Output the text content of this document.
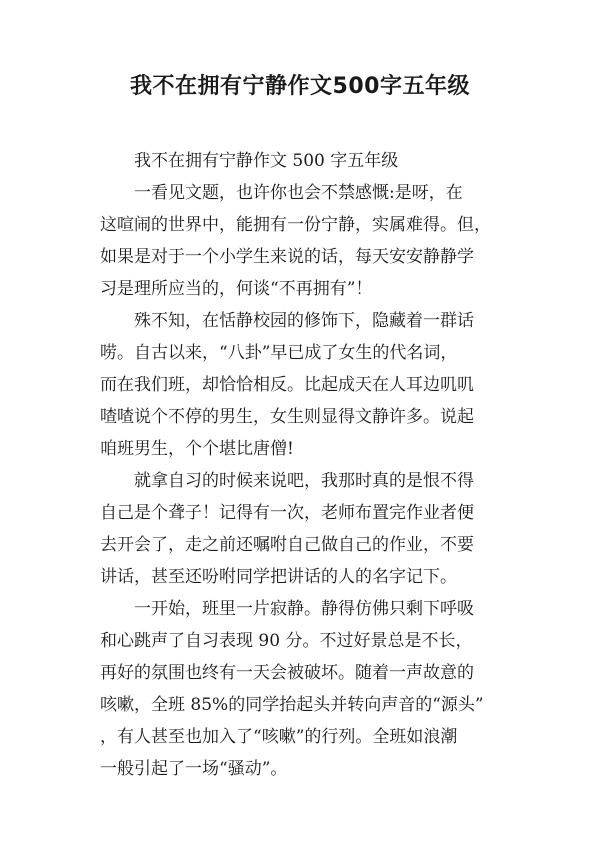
我不在拥有宁静作文500字五年级
我不在拥有宁静作文 500 字五年级
一看见文题，也许你也会不禁感慨:是呀，在
这喧闹的世界中，能拥有一份宁静，实属难得。但，
如果是对于一个小学生来说的话，每天安安静静学
习是理所应当的，何谈“不再拥有”！
殊不知，在恬静校园的修饰下，隐藏着一群话
唠。自古以来，“八卦”早已成了女生的代名词，
而在我们班，却恰恰相反。比起成天在人耳边叽叽
喳喳说个不停的男生，女生则显得文静许多。说起
咱班男生，个个堪比唐僧!
就拿自习的时候来说吧，我那时真的是恨不得
自己是个聋子！记得有一次，老师布置完作业者便
去开会了，走之前还嘱咐自己做自己的作业，不要
讲话，甚至还吩咐同学把讲话的人的名字记下。
一开始，班里一片寂静。静得仿佛只剩下呼吸
和心跳声了自习表现 90 分。不过好景总是不长，
再好的氛围也终有一天会被破坏。随着一声故意的
咳嗽，全班 85%的同学抬起头并转向声音的“源头”
，有人甚至也加入了“咳嗽”的行列。全班如浪潮
一般引起了一场“骚动”。
